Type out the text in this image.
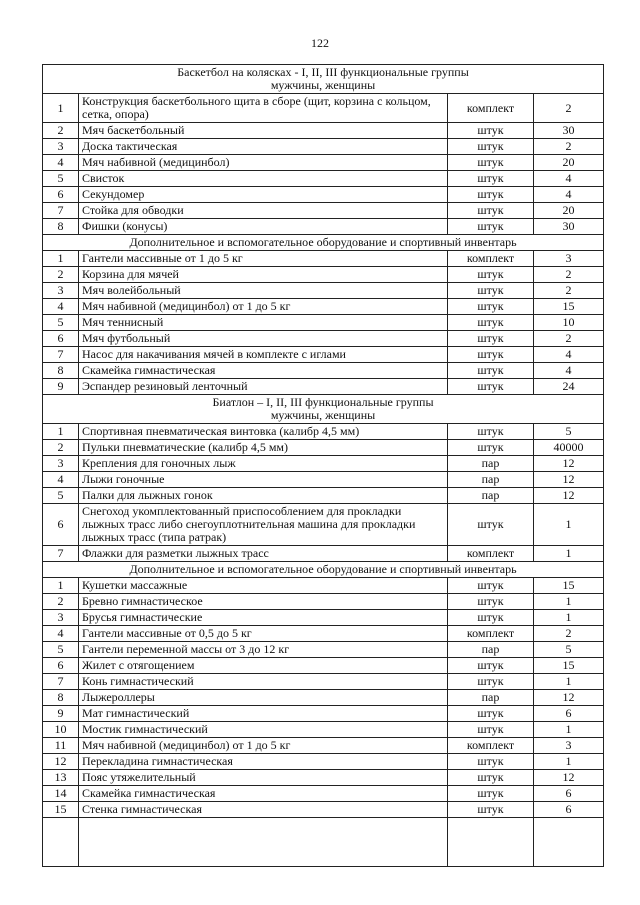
122
Баскетбол на колясках - I, II, III функциональные группы
мужчины, женщины			

1	Конструкция баскетбольного щита в сборе (щит, корзина с кольцом, сетка, опора)	комплект	2
2	Мяч баскетбольный	штук	30
3	Доска тактическая	штук	2
4	Мяч набивной (медицинбол)	штук	20
5	Свисток	штук	4
6	Секундомер	штук	4
7	Стойка для обводки	штук	20
8	Фишки (конусы)	штук	30

Дополнительное и вспомогательное оборудование и спортивный инвентарь			

1	Гантели массивные от 1 до 5 кг	комплект	3
2	Корзина для мячей	штук	2
3	Мяч волейбольный	штук	2
4	Мяч набивной (медицинбол) от 1 до 5 кг	штук	15
5	Мяч теннисный	штук	10
6	Мяч футбольный	штук	2
7	Насос для накачивания мячей в комплекте с иглами	штук	4
8	Скамейка гимнастическая	штук	4
9	Эспандер резиновый ленточный	штук	24

Биатлон – I, II, III функциональные группы
мужчины, женщины			

1	Спортивная пневматическая винтовка (калибр 4,5 мм)	штук	5
2	Пульки пневматические (калибр 4,5 мм)	штук	40000
3	Крепления для гоночных лыж	пар	12
4	Лыжи гоночные	пар	12
5	Палки для лыжных гонок	пар	12
6	Снегоход укомплектованный приспособлением для прокладки лыжных трасс либо снегоуплотнительная машина для прокладки лыжных трасс (типа ратрак)	штук	1
7	Флажки для разметки лыжных трасс	комплект	1

Дополнительное и вспомогательное оборудование и спортивный инвентарь			

1	Кушетки массажные	штук	15
2	Бревно гимнастическое	штук	1
3	Брусья гимнастические	штук	1
4	Гантели массивные от 0,5 до 5 кг	комплект	2
5	Гантели переменной массы от 3 до 12 кг	пар	5
6	Жилет с отягощением	штук	15
7	Конь гимнастический	штук	1
8	Лыжероллеры	пар	12
9	Мат гимнастический	штук	6
10	Мостик гимнастический	штук	1
11	Мяч набивной (медицинбол) от 1 до 5 кг	комплект	3
12	Перекладина гимнастическая	штук	1
13	Пояс утяжелительный	штук	12
14	Скамейка гимнастическая	штук	6
15	Стенка гимнастическая	штук	6
